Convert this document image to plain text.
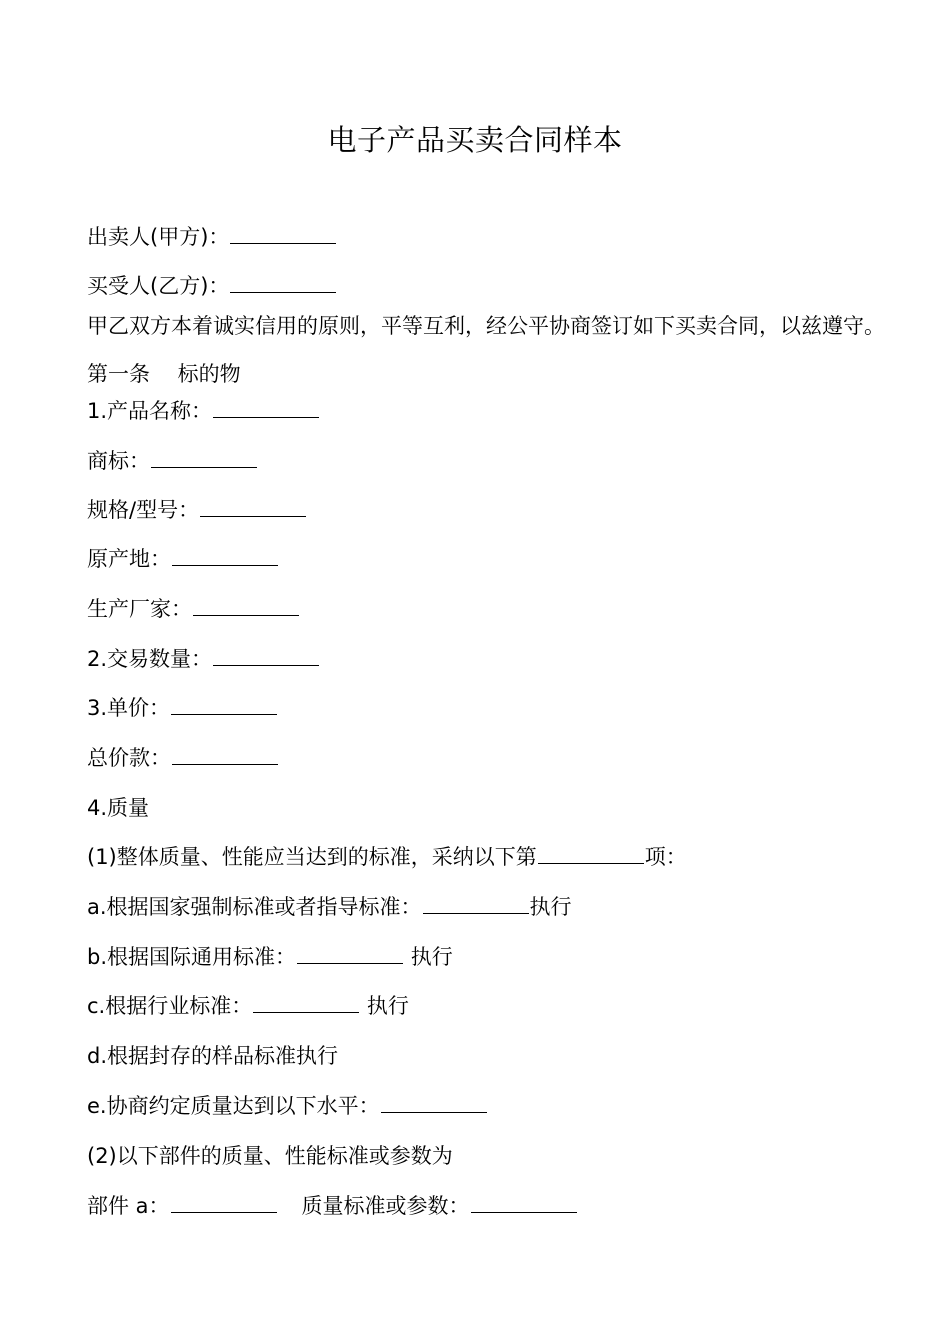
电子产品买卖合同样本
出卖人(甲方)：
买受人(乙方)：
甲乙双方本着诚实信用的原则，平等互利，经公平协商签订如下买卖合同，以兹遵守。
第一条　 标的物
1.产品名称：
商标：
规格/型号：
原产地：
生产厂家：
2.交易数量：
3.单价：
总价款：
4.质量
(1)整体质量、性能应当达到的标准，采纳以下第	项：
a.根据国家强制标准或者指导标准：	执行
b.根据国际通用标准：	执行
c.根据行业标准：	执行
d.根据封存的样品标准执行
e.协商约定质量达到以下水平：
(2)以下部件的质量、性能标准或参数为
部件 a：	质量标准或参数：
